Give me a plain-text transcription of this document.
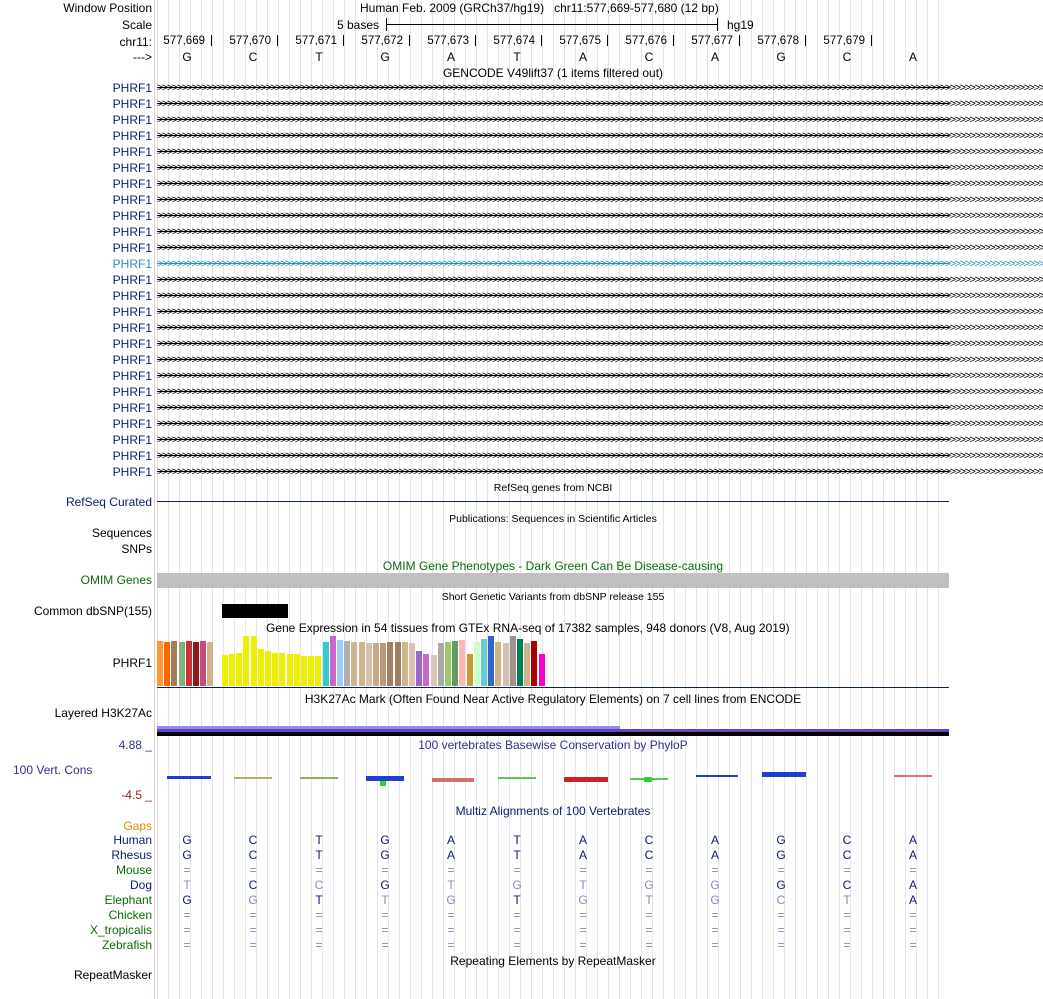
Window Position	Human Feb. 2009 (GRCh37/hg19) chr11:577,669-577,680 (12 bp)
Scale	5 bases	hg19
chr11: 577,669	577,670	577,671	577,672	577,673	577,674	577,675	577,676	577,677	577,678	577,679
--->	G	C	T	G	A	T	A	C	A	G	C	A
GENCODE V49lift37 (1 items filtered out)
PHRF1 >>>>>>>>>>>>>>>>>>>>>>>>>>>>>>>>>>>>>>>>>>>>>>>>>>>>>>>>>>>>>>>>>>>>>>>>>>>>>>>>>>>>>>>>>>>>>>>>>>>>>>>>>>>>>>>>>>>>>>>>>>>>>>>>>>>>>>>>>>>>>>>>>>>>>>>>>>>>>>>>>>>>>>>>>>>>>>>>>>>>
PHRF1 >>>>>>>>>>>>>>>>>>>>>>>>>>>>>>>>>>>>>>>>>>>>>>>>>>>>>>>>>>>>>>>>>>>>>>>>>>>>>>>>>>>>>>>>>>>>>>>>>>>>>>>>>>>>>>>>>>>>>>>>>>>>>>>>>>>>>>>>>>>>>>>>>>>>>>>>>>>>>>>>>>>>>>>>>>>>>>>>>>>>
PHRF1 >>>>>>>>>>>>>>>>>>>>>>>>>>>>>>>>>>>>>>>>>>>>>>>>>>>>>>>>>>>>>>>>>>>>>>>>>>>>>>>>>>>>>>>>>>>>>>>>>>>>>>>>>>>>>>>>>>>>>>>>>>>>>>>>>>>>>>>>>>>>>>>>>>>>>>>>>>>>>>>>>>>>>>>>>>>>>>>>>>>>
PHRF1 >>>>>>>>>>>>>>>>>>>>>>>>>>>>>>>>>>>>>>>>>>>>>>>>>>>>>>>>>>>>>>>>>>>>>>>>>>>>>>>>>>>>>>>>>>>>>>>>>>>>>>>>>>>>>>>>>>>>>>>>>>>>>>>>>>>>>>>>>>>>>>>>>>>>>>>>>>>>>>>>>>>>>>>>>>>>>>>>>>>>
PHRF1 >>>>>>>>>>>>>>>>>>>>>>>>>>>>>>>>>>>>>>>>>>>>>>>>>>>>>>>>>>>>>>>>>>>>>>>>>>>>>>>>>>>>>>>>>>>>>>>>>>>>>>>>>>>>>>>>>>>>>>>>>>>>>>>>>>>>>>>>>>>>>>>>>>>>>>>>>>>>>>>>>>>>>>>>>>>>>>>>>>>>
PHRF1 >>>>>>>>>>>>>>>>>>>>>>>>>>>>>>>>>>>>>>>>>>>>>>>>>>>>>>>>>>>>>>>>>>>>>>>>>>>>>>>>>>>>>>>>>>>>>>>>>>>>>>>>>>>>>>>>>>>>>>>>>>>>>>>>>>>>>>>>>>>>>>>>>>>>>>>>>>>>>>>>>>>>>>>>>>>>>>>>>>>>
PHRF1 >>>>>>>>>>>>>>>>>>>>>>>>>>>>>>>>>>>>>>>>>>>>>>>>>>>>>>>>>>>>>>>>>>>>>>>>>>>>>>>>>>>>>>>>>>>>>>>>>>>>>>>>>>>>>>>>>>>>>>>>>>>>>>>>>>>>>>>>>>>>>>>>>>>>>>>>>>>>>>>>>>>>>>>>>>>>>>>>>>>>
PHRF1 >>>>>>>>>>>>>>>>>>>>>>>>>>>>>>>>>>>>>>>>>>>>>>>>>>>>>>>>>>>>>>>>>>>>>>>>>>>>>>>>>>>>>>>>>>>>>>>>>>>>>>>>>>>>>>>>>>>>>>>>>>>>>>>>>>>>>>>>>>>>>>>>>>>>>>>>>>>>>>>>>>>>>>>>>>>>>>>>>>>>
PHRF1 >>>>>>>>>>>>>>>>>>>>>>>>>>>>>>>>>>>>>>>>>>>>>>>>>>>>>>>>>>>>>>>>>>>>>>>>>>>>>>>>>>>>>>>>>>>>>>>>>>>>>>>>>>>>>>>>>>>>>>>>>>>>>>>>>>>>>>>>>>>>>>>>>>>>>>>>>>>>>>>>>>>>>>>>>>>>>>>>>>>>
PHRF1 >>>>>>>>>>>>>>>>>>>>>>>>>>>>>>>>>>>>>>>>>>>>>>>>>>>>>>>>>>>>>>>>>>>>>>>>>>>>>>>>>>>>>>>>>>>>>>>>>>>>>>>>>>>>>>>>>>>>>>>>>>>>>>>>>>>>>>>>>>>>>>>>>>>>>>>>>>>>>>>>>>>>>>>>>>>>>>>>>>>>
PHRF1 >>>>>>>>>>>>>>>>>>>>>>>>>>>>>>>>>>>>>>>>>>>>>>>>>>>>>>>>>>>>>>>>>>>>>>>>>>>>>>>>>>>>>>>>>>>>>>>>>>>>>>>>>>>>>>>>>>>>>>>>>>>>>>>>>>>>>>>>>>>>>>>>>>>>>>>>>>>>>>>>>>>>>>>>>>>>>>>>>>>>
PHRF1 >>>>>>>>>>>>>>>>>>>>>>>>>>>>>>>>>>>>>>>>>>>>>>>>>>>>>>>>>>>>>>>>>>>>>>>>>>>>>>>>>>>>>>>>>>>>>>>>>>>>>>>>>>>>>>>>>>>>>>>>>>>>>>>>>>>>>>>>>>>>>>>>>>>>>>>>>>>>>>>>>>>>>>>>>>>>>>>>>>>>
PHRF1 >>>>>>>>>>>>>>>>>>>>>>>>>>>>>>>>>>>>>>>>>>>>>>>>>>>>>>>>>>>>>>>>>>>>>>>>>>>>>>>>>>>>>>>>>>>>>>>>>>>>>>>>>>>>>>>>>>>>>>>>>>>>>>>>>>>>>>>>>>>>>>>>>>>>>>>>>>>>>>>>>>>>>>>>>>>>>>>>>>>>
PHRF1 >>>>>>>>>>>>>>>>>>>>>>>>>>>>>>>>>>>>>>>>>>>>>>>>>>>>>>>>>>>>>>>>>>>>>>>>>>>>>>>>>>>>>>>>>>>>>>>>>>>>>>>>>>>>>>>>>>>>>>>>>>>>>>>>>>>>>>>>>>>>>>>>>>>>>>>>>>>>>>>>>>>>>>>>>>>>>>>>>>>>
PHRF1 >>>>>>>>>>>>>>>>>>>>>>>>>>>>>>>>>>>>>>>>>>>>>>>>>>>>>>>>>>>>>>>>>>>>>>>>>>>>>>>>>>>>>>>>>>>>>>>>>>>>>>>>>>>>>>>>>>>>>>>>>>>>>>>>>>>>>>>>>>>>>>>>>>>>>>>>>>>>>>>>>>>>>>>>>>>>>>>>>>>>
PHRF1 >>>>>>>>>>>>>>>>>>>>>>>>>>>>>>>>>>>>>>>>>>>>>>>>>>>>>>>>>>>>>>>>>>>>>>>>>>>>>>>>>>>>>>>>>>>>>>>>>>>>>>>>>>>>>>>>>>>>>>>>>>>>>>>>>>>>>>>>>>>>>>>>>>>>>>>>>>>>>>>>>>>>>>>>>>>>>>>>>>>>
PHRF1 >>>>>>>>>>>>>>>>>>>>>>>>>>>>>>>>>>>>>>>>>>>>>>>>>>>>>>>>>>>>>>>>>>>>>>>>>>>>>>>>>>>>>>>>>>>>>>>>>>>>>>>>>>>>>>>>>>>>>>>>>>>>>>>>>>>>>>>>>>>>>>>>>>>>>>>>>>>>>>>>>>>>>>>>>>>>>>>>>>>>
PHRF1 >>>>>>>>>>>>>>>>>>>>>>>>>>>>>>>>>>>>>>>>>>>>>>>>>>>>>>>>>>>>>>>>>>>>>>>>>>>>>>>>>>>>>>>>>>>>>>>>>>>>>>>>>>>>>>>>>>>>>>>>>>>>>>>>>>>>>>>>>>>>>>>>>>>>>>>>>>>>>>>>>>>>>>>>>>>>>>>>>>>>
PHRF1 >>>>>>>>>>>>>>>>>>>>>>>>>>>>>>>>>>>>>>>>>>>>>>>>>>>>>>>>>>>>>>>>>>>>>>>>>>>>>>>>>>>>>>>>>>>>>>>>>>>>>>>>>>>>>>>>>>>>>>>>>>>>>>>>>>>>>>>>>>>>>>>>>>>>>>>>>>>>>>>>>>>>>>>>>>>>>>>>>>>>
PHRF1 >>>>>>>>>>>>>>>>>>>>>>>>>>>>>>>>>>>>>>>>>>>>>>>>>>>>>>>>>>>>>>>>>>>>>>>>>>>>>>>>>>>>>>>>>>>>>>>>>>>>>>>>>>>>>>>>>>>>>>>>>>>>>>>>>>>>>>>>>>>>>>>>>>>>>>>>>>>>>>>>>>>>>>>>>>>>>>>>>>>>
PHRF1 >>>>>>>>>>>>>>>>>>>>>>>>>>>>>>>>>>>>>>>>>>>>>>>>>>>>>>>>>>>>>>>>>>>>>>>>>>>>>>>>>>>>>>>>>>>>>>>>>>>>>>>>>>>>>>>>>>>>>>>>>>>>>>>>>>>>>>>>>>>>>>>>>>>>>>>>>>>>>>>>>>>>>>>>>>>>>>>>>>>>
PHRF1 >>>>>>>>>>>>>>>>>>>>>>>>>>>>>>>>>>>>>>>>>>>>>>>>>>>>>>>>>>>>>>>>>>>>>>>>>>>>>>>>>>>>>>>>>>>>>>>>>>>>>>>>>>>>>>>>>>>>>>>>>>>>>>>>>>>>>>>>>>>>>>>>>>>>>>>>>>>>>>>>>>>>>>>>>>>>>>>>>>>>
PHRF1 >>>>>>>>>>>>>>>>>>>>>>>>>>>>>>>>>>>>>>>>>>>>>>>>>>>>>>>>>>>>>>>>>>>>>>>>>>>>>>>>>>>>>>>>>>>>>>>>>>>>>>>>>>>>>>>>>>>>>>>>>>>>>>>>>>>>>>>>>>>>>>>>>>>>>>>>>>>>>>>>>>>>>>>>>>>>>>>>>>>>
PHRF1 >>>>>>>>>>>>>>>>>>>>>>>>>>>>>>>>>>>>>>>>>>>>>>>>>>>>>>>>>>>>>>>>>>>>>>>>>>>>>>>>>>>>>>>>>>>>>>>>>>>>>>>>>>>>>>>>>>>>>>>>>>>>>>>>>>>>>>>>>>>>>>>>>>>>>>>>>>>>>>>>>>>>>>>>>>>>>>>>>>>>
PHRF1 >>>>>>>>>>>>>>>>>>>>>>>>>>>>>>>>>>>>>>>>>>>>>>>>>>>>>>>>>>>>>>>>>>>>>>>>>>>>>>>>>>>>>>>>>>>>>>>>>>>>>>>>>>>>>>>>>>>>>>>>>>>>>>>>>>>>>>>>>>>>>>>>>>>>>>>>>>>>>>>>>>>>>>>>>>>>>>>>>>>>
RefSeq genes from NCBI
RefSeq Curated
Publications: Sequences in Scientific Articles
Sequences
SNPs
OMIM Gene Phenotypes - Dark Green Can Be Disease-causing
OMIM Genes
Short Genetic Variants from dbSNP release 155
Common dbSNP(155)
Gene Expression in 54 tissues from GTEx RNA-seq of 17382 samples, 948 donors (V8, Aug 2019)
PHRF1
H3K27Ac Mark (Often Found Near Active Regulatory Elements) on 7 cell lines from ENCODE
Layered H3K27Ac
100 vertebrates Basewise Conservation by PhyloP
4.88 _
100 Vert. Cons
-4.5 _
Multiz Alignments of 100 Vertebrates
Gaps
Human	G	C	T	G	A	T	A	C	A	G	C	A
Rhesus	G	C	T	G	A	T	A	C	A	G	C	A
Mouse	=	=	=	=	=	=	=	=	=	=	=	=
Dog	T	C	C	G	T	G	T	G	G	G	C	A
Elephant	G	G	T	T	G	T	G	T	G	C	T	A
Chicken	=	=	=	=	=	=	=	=	=	=	=	=
X_tropicalis	=	=	=	=	=	=	=	=	=	=	=	=
Zebrafish	=	=	=	=	=	=	=	=	=	=	=	=
Repeating Elements by RepeatMasker
RepeatMasker
